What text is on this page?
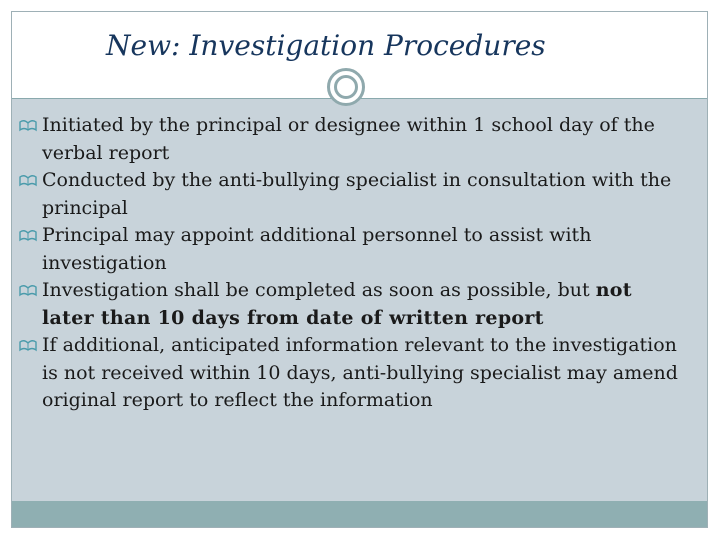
New: Investigation Procedures
Initiated by the principal or designee within 1 school day of the verbal report
Conducted by the anti-bullying specialist in consultation with the principal
Principal may appoint additional personnel to assist with investigation
Investigation shall be completed as soon as possible, but not later than 10 days from date of written report
If additional, anticipated information relevant to the investigation is not received within 10 days, anti-bullying specialist may amend original report to reflect the information
